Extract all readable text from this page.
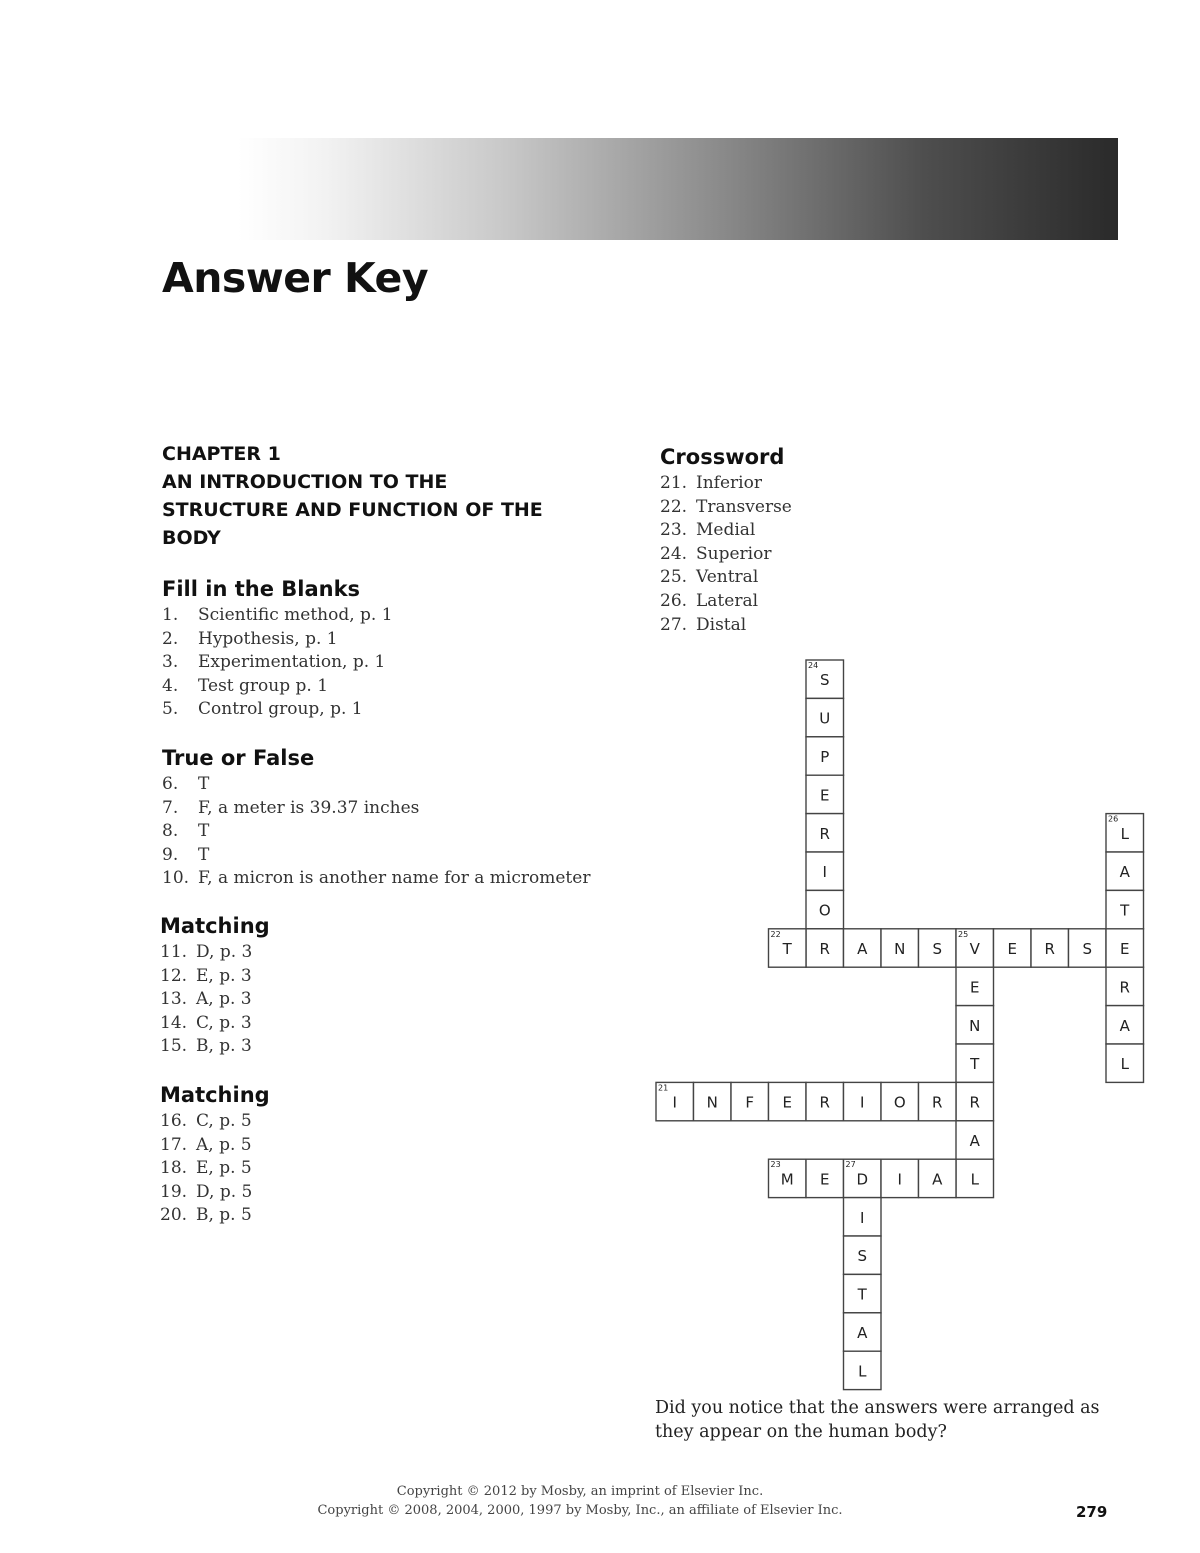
Answer Key
CHAPTER 1
AN INTRODUCTION TO THE
STRUCTURE AND FUNCTION OF THE
BODY
Fill in the Blanks
1. Scientific method, p. 1
2. Hypothesis, p. 1
3. Experimentation, p. 1
4. Test group p. 1
5. Control group, p. 1
True or False
6. T
7. F, a meter is 39.37 inches
8. T
9. T
10. F, a micron is another name for a micrometer
Matching
11. D, p. 3
12. E, p. 3
13. A, p. 3
14. C, p. 3
15. B, p. 3
Matching
16. C, p. 5
17. A, p. 5
18. E, p. 5
19. D, p. 5
20. B, p. 5
Crossword
21. Inferior
22. Transverse
23. Medial
24. Superior
25. Ventral
26. Lateral
27. Distal
S
U
P
E
R
I
O
R
T	A N S V E R S E
L
A
T
R
A
L
E
N
T
R
A
L
I N F E R I O R
M E D I A
I
S
T
A
L
24
22
26
25
21
23	27
Did you notice that the answers were arranged as they appear on the human body?
Copyright © 2012 by Mosby, an imprint of Elsevier Inc.
Copyright © 2008, 2004, 2000, 1997 by Mosby, Inc., an affiliate of Elsevier Inc.	279
